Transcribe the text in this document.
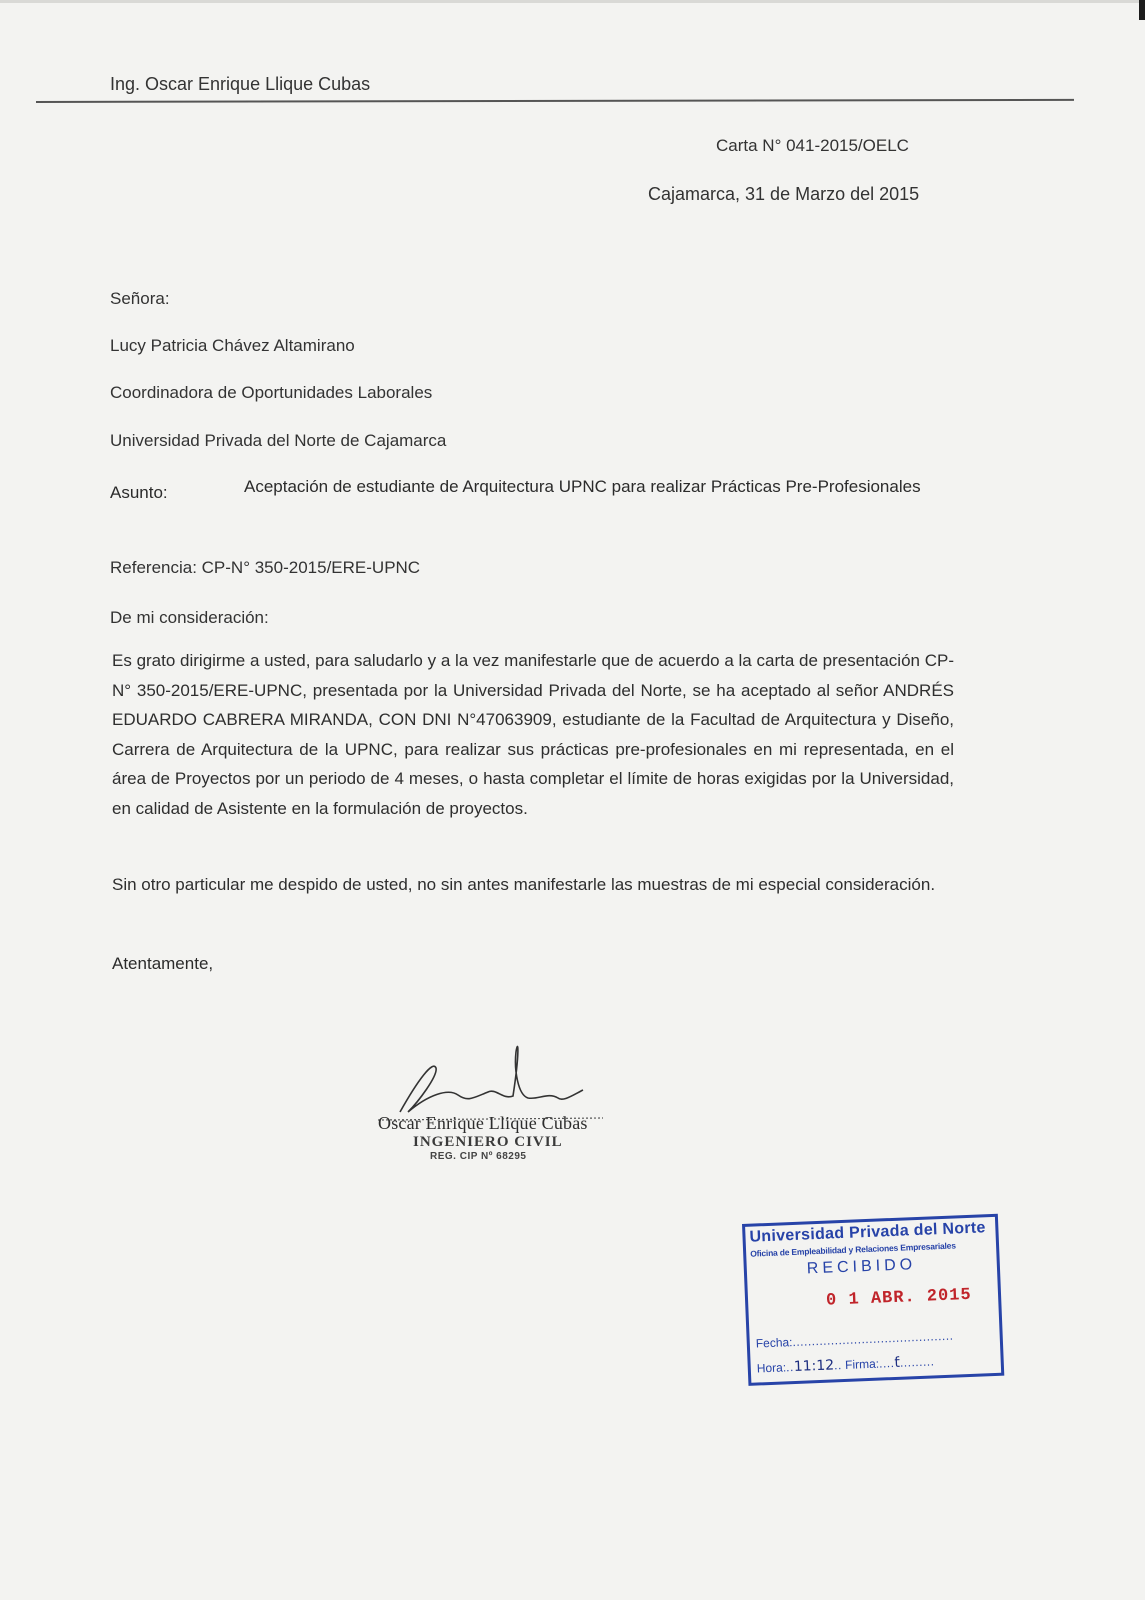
Ing. Oscar Enrique Llique Cubas
Carta N° 041-2015/OELC
Cajamarca, 31 de Marzo del 2015
Señora:
Lucy Patricia Chávez Altamirano
Coordinadora de Oportunidades Laborales
Universidad Privada del Norte de Cajamarca
Asunto:	Aceptación de estudiante de Arquitectura UPNC para realizar Prácticas Pre-Profesionales
Referencia: CP-N° 350-2015/ERE-UPNC
De mi consideración:
Es grato dirigirme a usted, para saludarlo y a la vez manifestarle que de acuerdo a la carta de presentación CP-N° 350-2015/ERE-UPNC, presentada por la Universidad Privada del Norte, se ha aceptado al señor ANDRÉS EDUARDO CABRERA MIRANDA, CON DNI N°47063909, estudiante de la Facultad de Arquitectura y Diseño, Carrera de Arquitectura de la UPNC, para realizar sus prácticas pre-profesionales en mi representada, en el área de Proyectos por un periodo de 4 meses, o hasta completar el límite de horas exigidas por la Universidad, en calidad de Asistente en la formulación de proyectos.
Sin otro particular me despido de usted, no sin antes manifestarle las muestras de mi especial consideración.
Atentamente,
Oscar Enrique Llique Cubas
INGENIERO CIVIL
REG. CIP Nº 68295
Universidad Privada del Norte
Oficina de Empleabilidad y Relaciones Empresariales
RECIBIDO
0 1 ABR. 2015
Fecha:..........................................
Hora:..11:12.. Firma:....ƭ.........
